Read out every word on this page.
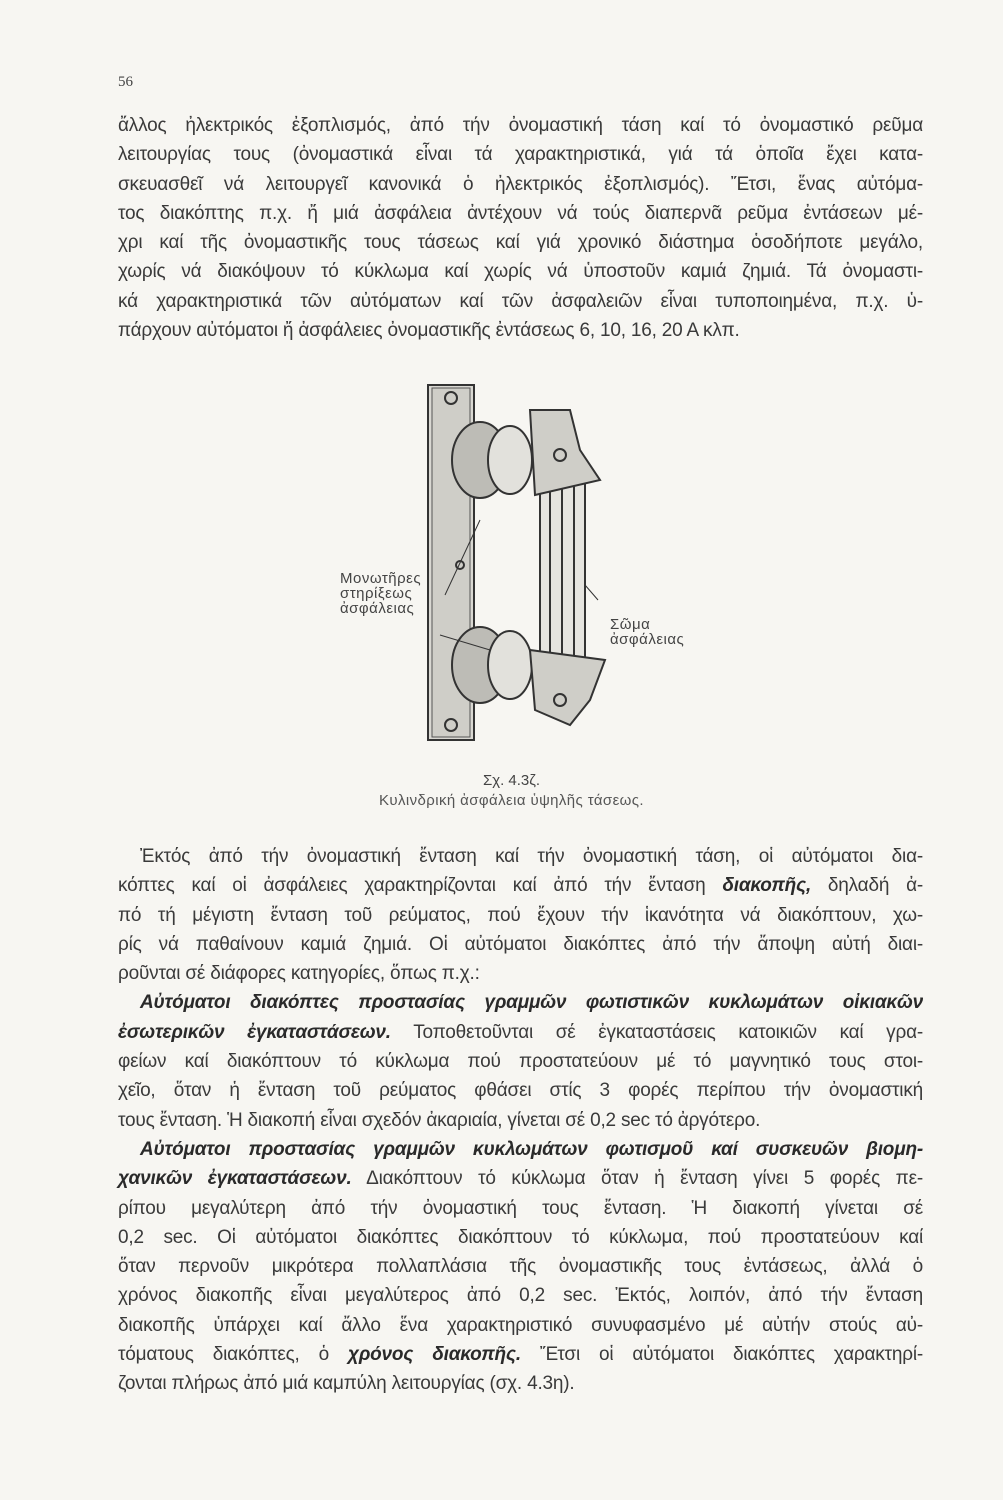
56
ἄλλος ἠλεκτρικός ἐξοπλισμός, ἀπό τήν ὀνομαστική τάση καί τό ὀνομαστικό ρεῦμα
λειτουργίας τους (ὀνομαστικά εἶναι τά χαρακτηριστικά, γιά τά ὁποῖα ἔχει κατα-
σκευασθεῖ νά λειτουργεῖ κανονικά ὁ ἠλεκτρικός ἐξοπλισμός). Ἔτσι, ἕνας αὐτόμα-
τος διακόπτης π.χ. ἤ μιά ἀσφάλεια ἀντέχουν νά τούς διαπερνᾶ ρεῦμα ἐντάσεων μέ-
χρι καί τῆς ὀνομαστικῆς τους τάσεως καί γιά χρονικό διάστημα ὁσοδήποτε μεγάλο,
χωρίς νά διακόψουν τό κύκλωμα καί χωρίς νά ὑποστοῦν καμιά ζημιά. Τά ὀνομαστι-
κά χαρακτηριστικά τῶν αὐτόματων καί τῶν ἀσφαλειῶν εἶναι τυποποιημένα, π.χ. ὑ-
πάρχουν αὐτόματοι ἤ ἀσφάλειες ὀνομαστικῆς ἐντάσεως 6, 10, 16, 20 Α κλπ.
Μονωτῆρες
στηρίξεως
ἀσφάλειας
Σῶμα
ἀσφάλειας
Σχ. 4.3ζ.
Κυλινδρική ἀσφάλεια ὑψηλῆς τάσεως.
Ἐκτός ἀπό τήν ὀνομαστική ἔνταση καί τήν ὀνομαστική τάση, οἱ αὐτόματοι δια-
κόπτες καί οἱ ἀσφάλειες χαρακτηρίζονται καί ἀπό τήν ἔνταση διακοπῆς, δηλαδή ἀ-
πό τή μέγιστη ἔνταση τοῦ ρεύματος, πού ἔχουν τήν ἱκανότητα νά διακόπτουν, χω-
ρίς νά παθαίνουν καμιά ζημιά. Οἱ αὐτόματοι διακόπτες ἀπό τήν ἄποψη αὐτή διαι-
ροῦνται σέ διάφορες κατηγορίες, ὅπως π.χ.:
Αὐτόματοι διακόπτες προστασίας γραμμῶν φωτιστικῶν κυκλωμάτων οἰκιακῶν
ἐσωτερικῶν ἐγκαταστάσεων. Τοποθετοῦνται σέ ἐγκαταστάσεις κατοικιῶν καί γρα-
φείων καί διακόπτουν τό κύκλωμα πού προστατεύουν μέ τό μαγνητικό τους στοι-
χεῖο, ὅταν ἡ ἔνταση τοῦ ρεύματος φθάσει στίς 3 φορές περίπου τήν ὀνομαστική
τους ἔνταση. Ἡ διακοπή εἶναι σχεδόν ἀκαριαία, γίνεται σέ 0,2 sec τό ἀργότερο.
Αὐτόματοι προστασίας γραμμῶν κυκλωμάτων φωτισμοῦ καί συσκευῶν βιομη-
χανικῶν ἐγκαταστάσεων. Διακόπτουν τό κύκλωμα ὅταν ἡ ἔνταση γίνει 5 φορές πε-
ρίπου μεγαλύτερη ἀπό τήν ὀνομαστική τους ἔνταση. Ἡ διακοπή γίνεται σέ
0,2 sec. Οἱ αὐτόματοι διακόπτες διακόπτουν τό κύκλωμα, πού προστατεύουν καί
ὅταν περνοῦν μικρότερα πολλαπλάσια τῆς ὀνομαστικῆς τους ἐντάσεως, ἀλλά ὁ
χρόνος διακοπῆς εἶναι μεγαλύτερος ἀπό 0,2 sec. Ἐκτός, λοιπόν, ἀπό τήν ἔνταση
διακοπῆς ὑπάρχει καί ἄλλο ἕνα χαρακτηριστικό συνυφασμένο μέ αὐτήν στούς αὐ-
τόματους διακόπτες, ὁ χρόνος διακοπῆς. Ἔτσι οἱ αὐτόματοι διακόπτες χαρακτηρί-
ζονται πλήρως ἀπό μιά καμπύλη λειτουργίας (σχ. 4.3η).
